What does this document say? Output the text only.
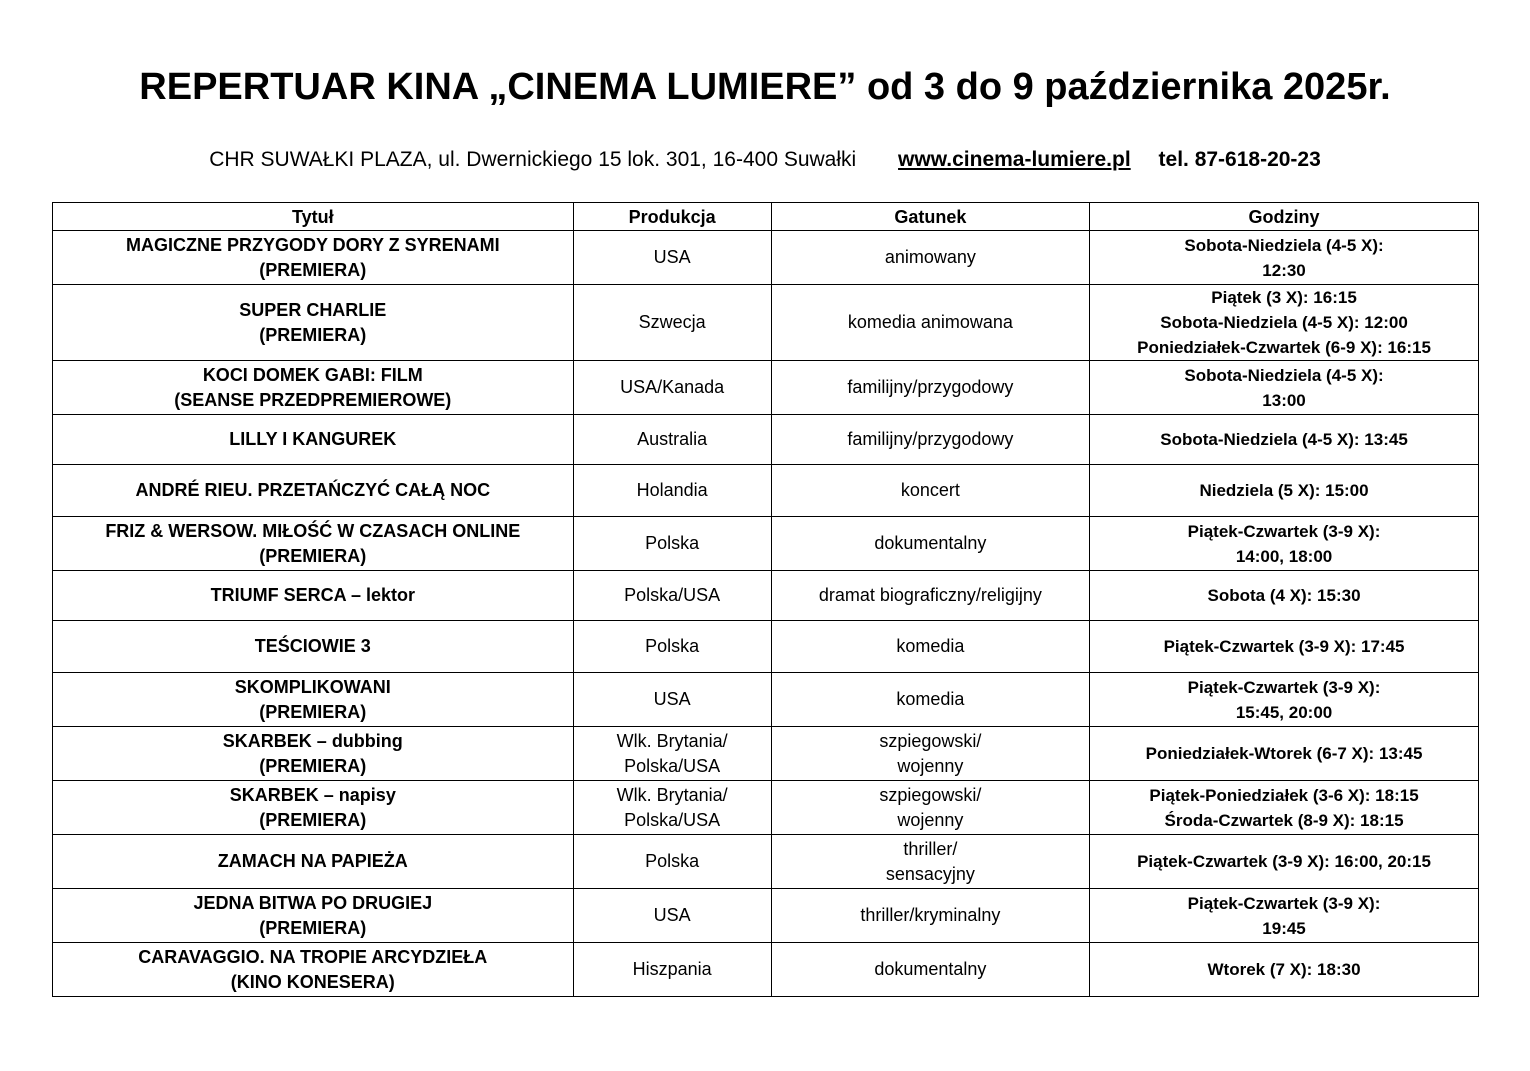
REPERTUAR KINA „CINEMA LUMIERE” od 3 do 9 października 2025r.
CHR SUWAŁKI PLAZA, ul. Dwernickiego 15 lok. 301, 16-400 Suwałki www.cinema-lumiere.pl tel. 87-618-20-23
Tytuł	Produkcja	Gatunek	Godziny

MAGICZNE PRZYGODY DORY Z SYRENAMI
(PREMIERA)	USA	animowany	Sobota-Niedziela (4-5 X):
12:30

SUPER CHARLIE
(PREMIERA)	Szwecja	komedia animowana	Piątek (3 X): 16:15
Sobota-Niedziela (4-5 X): 12:00
Poniedziałek-Czwartek (6-9 X): 16:15

KOCI DOMEK GABI: FILM
(SEANSE PRZEDPREMIEROWE)	USA/Kanada	familijny/przygodowy	Sobota-Niedziela (4-5 X):
13:00

LILLY I KANGUREK	Australia	familijny/przygodowy	Sobota-Niedziela (4-5 X): 13:45

ANDRÉ RIEU. PRZETAŃCZYĆ CAŁĄ NOC	Holandia	koncert	Niedziela (5 X): 15:00

FRIZ & WERSOW. MIŁOŚĆ W CZASACH ONLINE
(PREMIERA)	Polska	dokumentalny	Piątek-Czwartek (3-9 X):
14:00, 18:00

TRIUMF SERCA – lektor	Polska/USA	dramat biograficzny/religijny	Sobota (4 X): 15:30

TEŚCIOWIE 3	Polska	komedia	Piątek-Czwartek (3-9 X): 17:45

SKOMPLIKOWANI
(PREMIERA)	USA	komedia	Piątek-Czwartek (3-9 X):
15:45, 20:00

SKARBEK – dubbing
(PREMIERA)	Wlk. Brytania/
Polska/USA	szpiegowski/
wojenny	Poniedziałek-Wtorek (6-7 X): 13:45

SKARBEK – napisy
(PREMIERA)	Wlk. Brytania/
Polska/USA	szpiegowski/
wojenny	Piątek-Poniedziałek (3-6 X): 18:15
Środa-Czwartek (8-9 X): 18:15

ZAMACH NA PAPIEŻA	Polska	thriller/
sensacyjny	Piątek-Czwartek (3-9 X): 16:00, 20:15

JEDNA BITWA PO DRUGIEJ
(PREMIERA)	USA	thriller/kryminalny	Piątek-Czwartek (3-9 X):
19:45

CARAVAGGIO. NA TROPIE ARCYDZIEŁA
(KINO KONESERA)	Hiszpania	dokumentalny	Wtorek (7 X): 18:30
